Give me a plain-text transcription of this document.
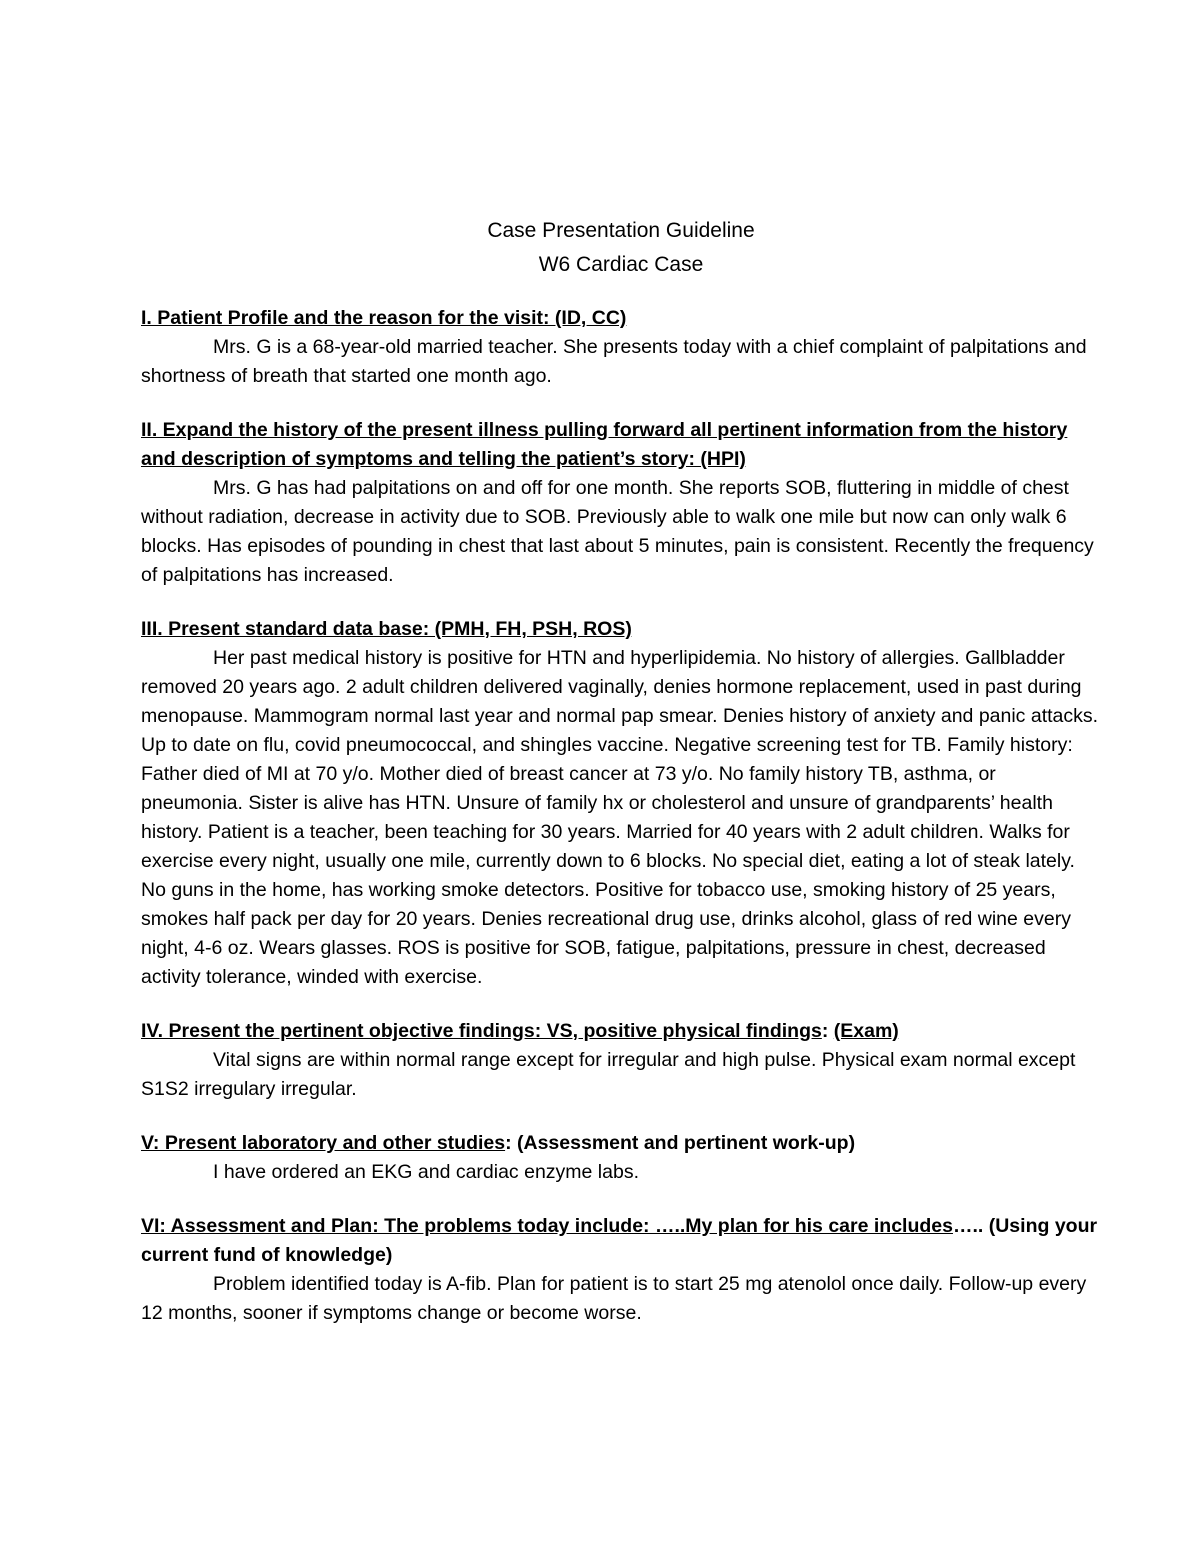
Case Presentation Guideline

W6 Cardiac Case

I. Patient Profile and the reason for the visit: (ID, CC)

Mrs. G is a 68-year-old married teacher. She presents today with a chief complaint of palpitations and shortness of breath that started one month ago.

II. Expand the history of the present illness pulling forward all pertinent information from the history and description of symptoms and telling the patient’s story: (HPI)

Mrs. G has had palpitations on and off for one month. She reports SOB, fluttering in middle of chest without radiation, decrease in activity due to SOB. Previously able to walk one mile but now can only walk 6 blocks. Has episodes of pounding in chest that last about 5 minutes, pain is consistent. Recently the frequency of palpitations has increased.

III. Present standard data base: (PMH, FH, PSH, ROS)

Her past medical history is positive for HTN and hyperlipidemia. No history of allergies. Gallbladder removed 20 years ago. 2 adult children delivered vaginally, denies hormone replacement, used in past during menopause. Mammogram normal last year and normal pap smear. Denies history of anxiety and panic attacks. Up to date on flu, covid pneumococcal, and shingles vaccine. Negative screening test for TB. Family history: Father died of MI at 70 y/o. Mother died of breast cancer at 73 y/o. No family history TB, asthma, or pneumonia. Sister is alive has HTN. Unsure of family hx or cholesterol and unsure of grandparents’ health history. Patient is a teacher, been teaching for 30 years. Married for 40 years with 2 adult children. Walks for exercise every night, usually one mile, currently down to 6 blocks. No special diet, eating a lot of steak lately. No guns in the home, has working smoke detectors. Positive for tobacco use, smoking history of 25 years, smokes half pack per day for 20 years. Denies recreational drug use, drinks alcohol, glass of red wine every night, 4-6 oz. Wears glasses. ROS is positive for SOB, fatigue, palpitations, pressure in chest, decreased activity tolerance, winded with exercise.

IV. Present the pertinent objective findings: VS, positive physical findings: (Exam)

Vital signs are within normal range except for irregular and high pulse. Physical exam normal except S1S2 irregulary irregular.

V: Present laboratory and other studies: (Assessment and pertinent work-up)

I have ordered an EKG and cardiac enzyme labs.

VI: Assessment and Plan: The problems today include: …..My plan for his care includes….. (Using your current fund of knowledge)

Problem identified today is A-fib. Plan for patient is to start 25 mg atenolol once daily. Follow-up every 12 months, sooner if symptoms change or become worse.
